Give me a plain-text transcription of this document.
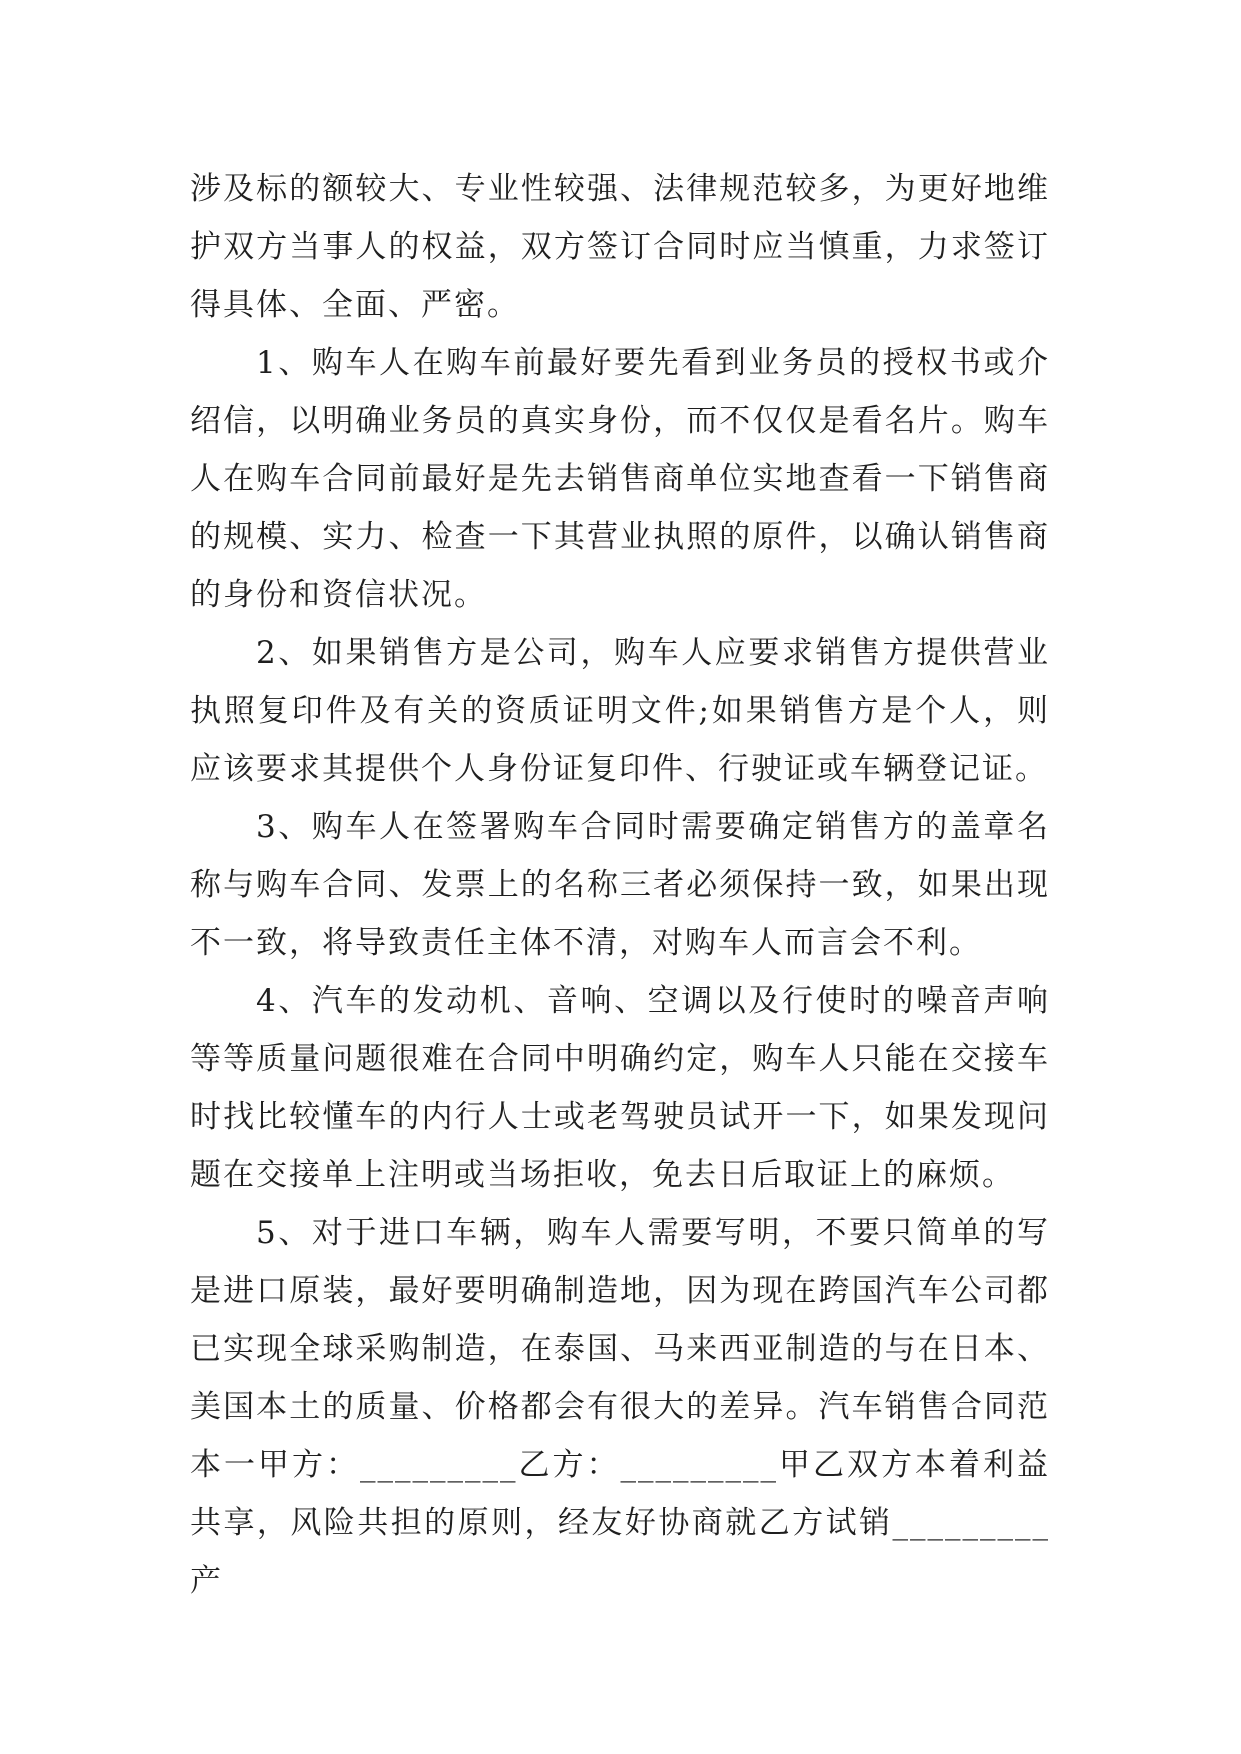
涉及标的额较大、专业性较强、法律规范较多，为更好地维护双方当事人的权益，双方签订合同时应当慎重，力求签订得具体、全面、严密。

1、购车人在购车前最好要先看到业务员的授权书或介绍信，以明确业务员的真实身份，而不仅仅是看名片。购车人在购车合同前最好是先去销售商单位实地查看一下销售商的规模、实力、检查一下其营业执照的原件，以确认销售商的身份和资信状况。

2、如果销售方是公司，购车人应要求销售方提供营业执照复印件及有关的资质证明文件;如果销售方是个人，则应该要求其提供个人身份证复印件、行驶证或车辆登记证。

3、购车人在签署购车合同时需要确定销售方的盖章名称与购车合同、发票上的名称三者必须保持一致，如果出现不一致，将导致责任主体不清，对购车人而言会不利。

4、汽车的发动机、音响、空调以及行使时的噪音声响等等质量问题很难在合同中明确约定，购车人只能在交接车时找比较懂车的内行人士或老驾驶员试开一下，如果发现问题在交接单上注明或当场拒收，免去日后取证上的麻烦。

5、对于进口车辆，购车人需要写明，不要只简单的写是进口原装，最好要明确制造地，因为现在跨国汽车公司都已实现全球采购制造，在泰国、马来西亚制造的与在日本、美国本土的质量、价格都会有很大的差异。汽车销售合同范本一甲方：_________乙方：_________甲乙双方本着利益共享，风险共担的原则，经友好协商就乙方试销_________ 产
